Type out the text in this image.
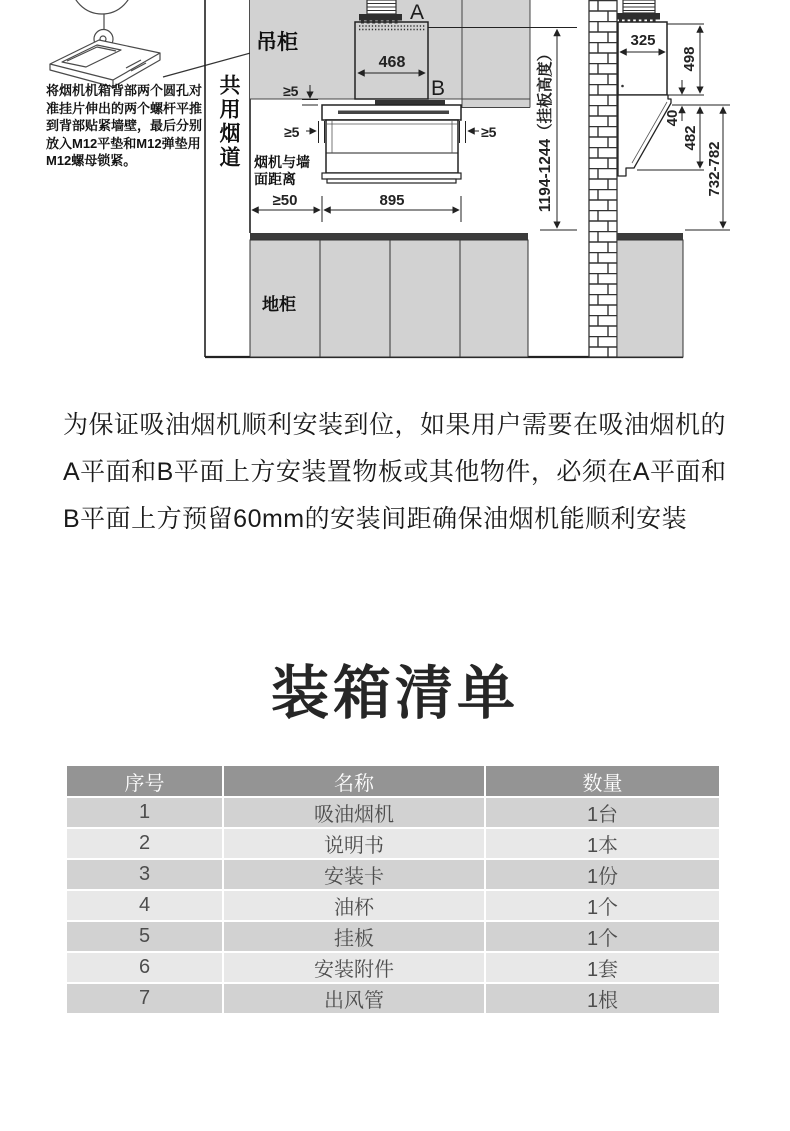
将烟机机箱背部两个圆孔对
准挂片伸出的两个螺杆平推
到背部贴紧墙壁，最后分别
放入M12平垫和M12弹垫用
M12螺母锁紧。	共用烟道
吊柜
A
B
468
≥5
≥5	≥5
烟机与墙
面距离
≥50	895
地柜
1194-1244（挂板高度）
325
498
40
482
732-782
为保证吸油烟机顺利安装到位，如果用户需要在吸油烟机的
A平面和B平面上方安装置物板或其他物件，必须在A平面和
B平面上方预留60mm的安装间距确保油烟机能顺利安装
装箱清单
序号	名称	数量
1	吸油烟机	1台
2	说明书	1本
3	安装卡	1份
4	油杯	1个
5	挂板	1个
6	安装附件	1套
7	出风管	1根
